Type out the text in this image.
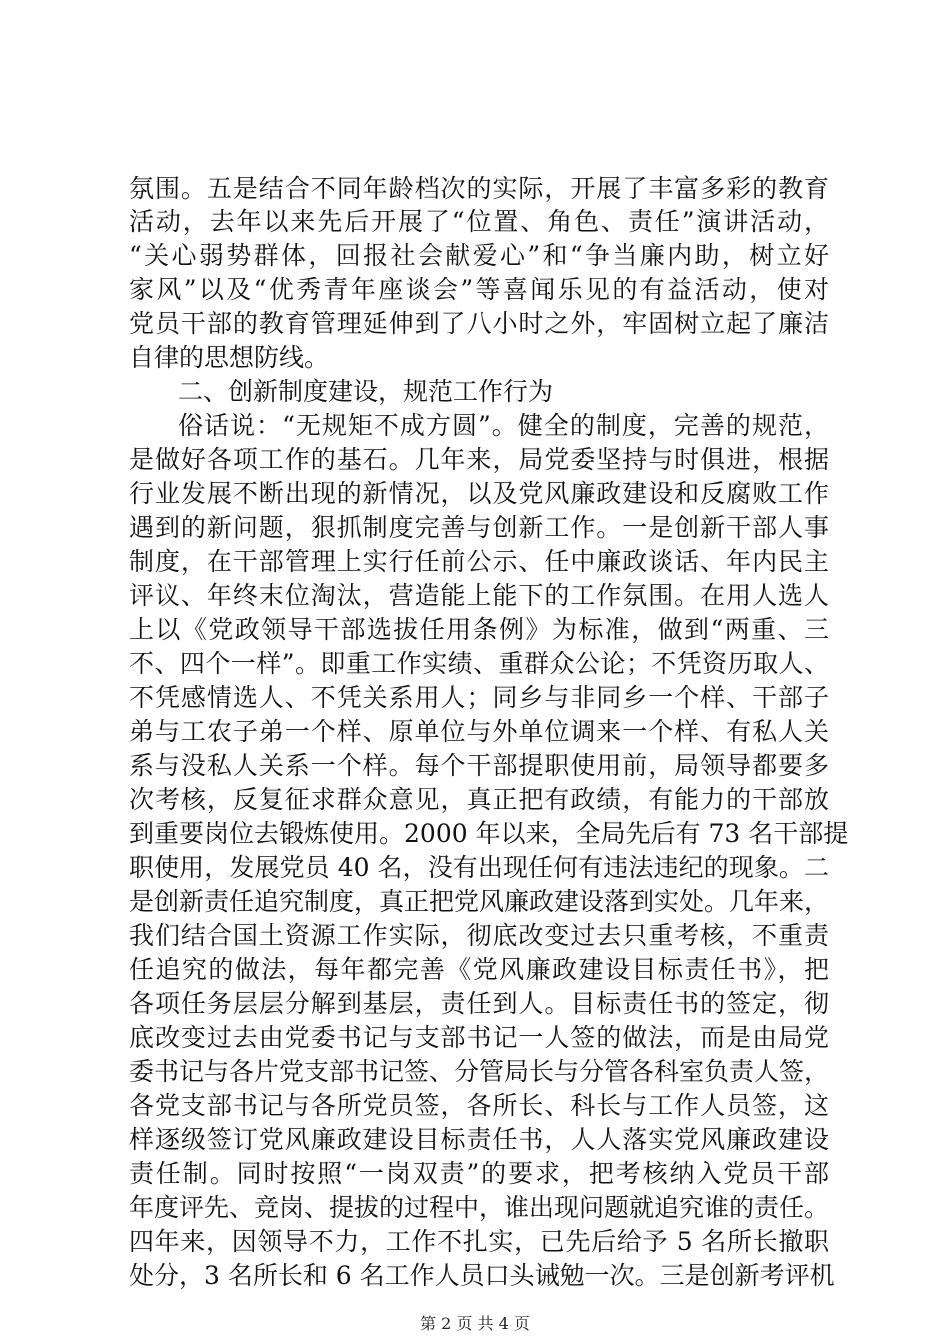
氛围。五是结合不同年龄档次的实际，开展了丰富多彩的教育
活动，去年以来先后开展了“位置、角色、责任”演讲活动，
“关心弱势群体，回报社会献爱心”和“争当廉内助，树立好
家风”以及“优秀青年座谈会”等喜闻乐见的有益活动，使对
党员干部的教育管理延伸到了八小时之外，牢固树立起了廉洁
自律的思想防线。
二、创新制度建设，规范工作行为
俗话说：“无规矩不成方圆”。健全的制度，完善的规范，
是做好各项工作的基石。几年来，局党委坚持与时俱进，根据
行业发展不断出现的新情况，以及党风廉政建设和反腐败工作
遇到的新问题，狠抓制度完善与创新工作。一是创新干部人事
制度，在干部管理上实行任前公示、任中廉政谈话、年内民主
评议、年终末位淘汰，营造能上能下的工作氛围。在用人选人
上以《党政领导干部选拔任用条例》为标准，做到“两重、三
不、四个一样”。即重工作实绩、重群众公论；不凭资历取人、
不凭感情选人、不凭关系用人；同乡与非同乡一个样、干部子
弟与工农子弟一个样、原单位与外单位调来一个样、有私人关
系与没私人关系一个样。每个干部提职使用前，局领导都要多
次考核，反复征求群众意见，真正把有政绩，有能力的干部放
到重要岗位去锻炼使用。2000 年以来，全局先后有 73 名干部提
职使用，发展党员 40 名，没有出现任何有违法违纪的现象。二
是创新责任追究制度，真正把党风廉政建设落到实处。几年来，
我们结合国土资源工作实际，彻底改变过去只重考核，不重责
任追究的做法，每年都完善《党风廉政建设目标责任书》，把
各项任务层层分解到基层，责任到人。目标责任书的签定，彻
底改变过去由党委书记与支部书记一人签的做法，而是由局党
委书记与各片党支部书记签、分管局长与分管各科室负责人签，
各党支部书记与各所党员签，各所长、科长与工作人员签，这
样逐级签订党风廉政建设目标责任书，人人落实党风廉政建设
责任制。同时按照“一岗双责”的要求，把考核纳入党员干部
年度评先、竞岗、提拔的过程中，谁出现问题就追究谁的责任。
四年来，因领导不力，工作不扎实，已先后给予 5 名所长撤职
处分，3 名所长和 6 名工作人员口头诫勉一次。三是创新考评机
第 2 页 共 4 页
